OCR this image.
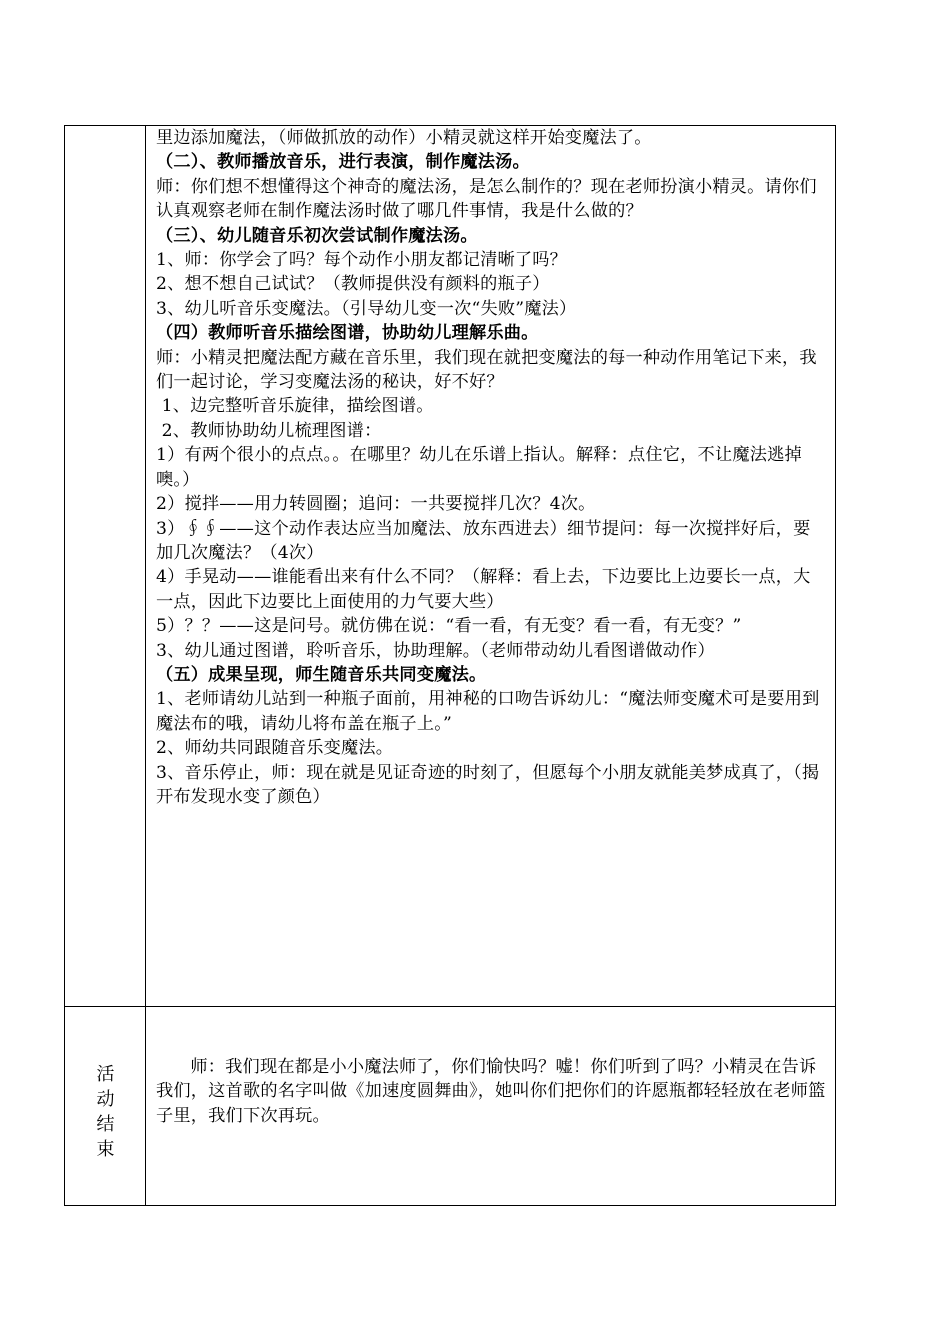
里边添加魔法，（师做抓放的动作）小精灵就这样开始变魔法了。

（二）、教师播放音乐，进行表演，制作魔法汤。

师：你们想不想懂得这个神奇的魔法汤，是怎么制作的？现在老师扮演小精灵。请你们认真观察老师在制作魔法汤时做了哪几件事情，我是什么做的？

（三）、幼儿随音乐初次尝试制作魔法汤。

1、师：你学会了吗？每个动作小朋友都记清晰了吗？

2、想不想自己试试？（教师提供没有颜料的瓶子）

3、幼儿听音乐变魔法。（引导幼儿变一次“失败”魔法）

（四）教师听音乐描绘图谱，协助幼儿理解乐曲。

师：小精灵把魔法配方藏在音乐里，我们现在就把变魔法的每一种动作用笔记下来，我们一起讨论，学习变魔法汤的秘诀，好不好？

1、边完整听音乐旋律，描绘图谱。

2、教师协助幼儿梳理图谱：

1）有两个很小的点点。。在哪里？幼儿在乐谱上指认。解释：点住它，不让魔法逃掉噢。）

2）搅拌——用力转圆圈；追问：一共要搅拌几次？4次。

3）∮∮——这个动作表达应当加魔法、放东西进去）细节提问：每一次搅拌好后，要加几次魔法？（4次）

4）手晃动——谁能看出来有什么不同？（解释：看上去，下边要比上边要长一点，大一点，因此下边要比上面使用的力气要大些）

5）？？——这是问号。就仿佛在说：“看一看，有无变？看一看，有无变？”

3、幼儿通过图谱，聆听音乐，协助理解。（老师带动幼儿看图谱做动作）

（五）成果呈现，师生随音乐共同变魔法。

1、老师请幼儿站到一种瓶子面前，用神秘的口吻告诉幼儿：“魔法师变魔术可是要用到魔法布的哦，请幼儿将布盖在瓶子上。”

2、师幼共同跟随音乐变魔法。

3、音乐停止，师：现在就是见证奇迹的时刻了，但愿每个小朋友就能美梦成真了，（揭开布发现水变了颜色）

活
动
结
束

师：我们现在都是小小魔法师了，你们愉快吗？嘘！你们听到了吗？小精灵在告诉我们，这首歌的名字叫做《加速度圆舞曲》，她叫你们把你们的许愿瓶都轻轻放在老师篮子里，我们下次再玩。
